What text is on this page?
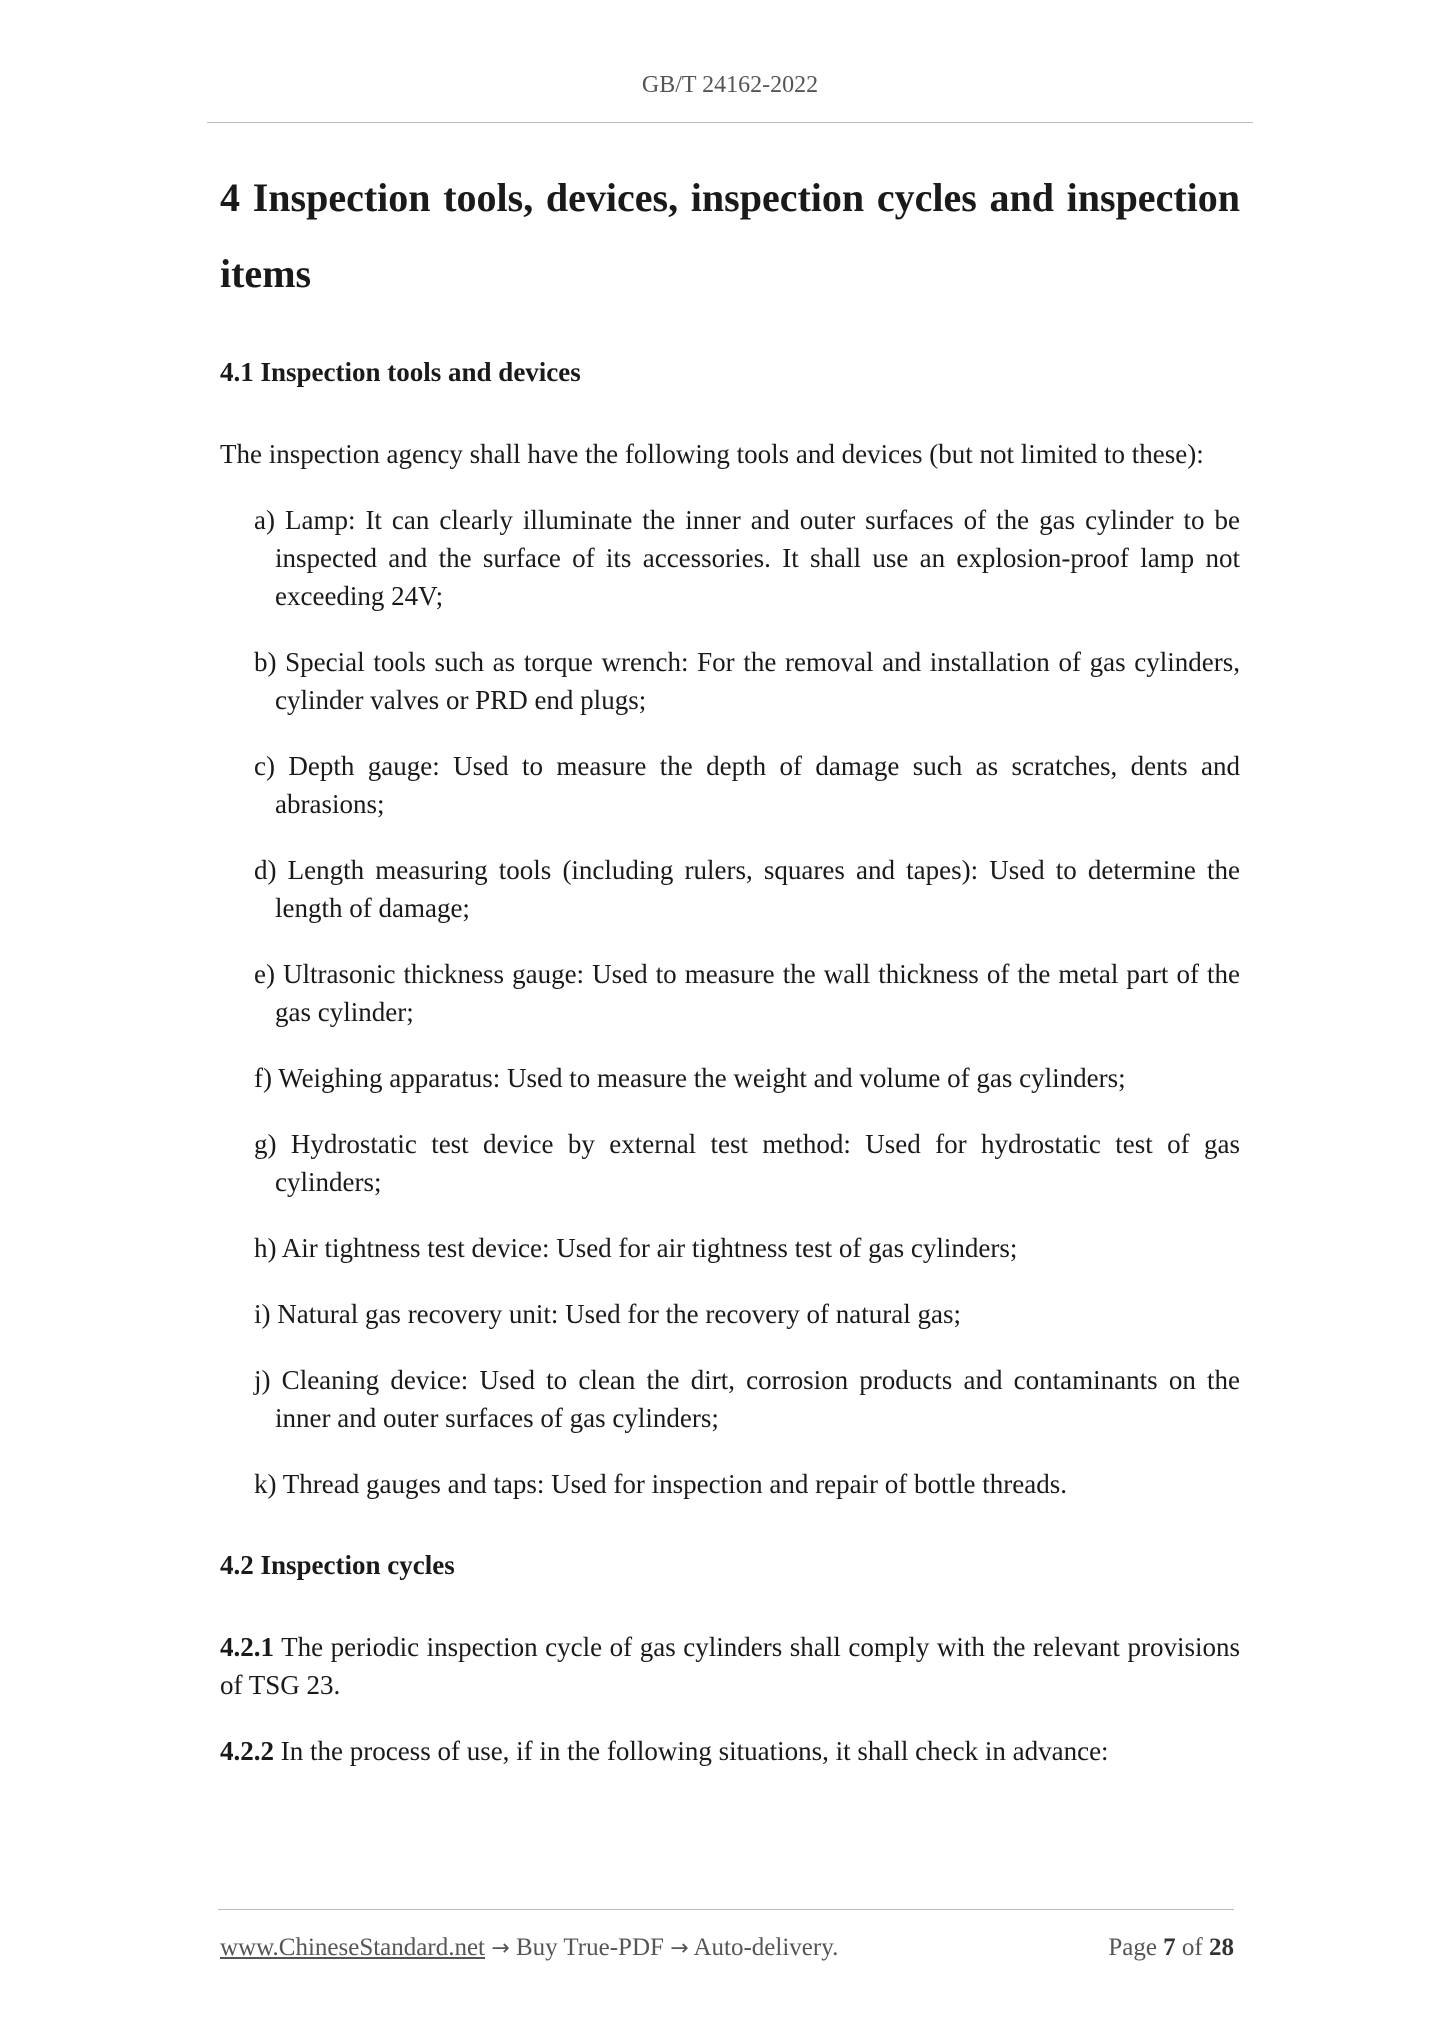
GB/T 24162-2022
4 Inspection tools, devices, inspection cycles and inspection items
4.1 Inspection tools and devices

The inspection agency shall have the following tools and devices (but not limited to these):

a) Lamp: It can clearly illuminate the inner and outer surfaces of the gas cylinder to be inspected and the surface of its accessories. It shall use an explosion-proof lamp not exceeding 24V;
b) Special tools such as torque wrench: For the removal and installation of gas cylinders, cylinder valves or PRD end plugs;
c) Depth gauge: Used to measure the depth of damage such as scratches, dents and abrasions;
d) Length measuring tools (including rulers, squares and tapes): Used to determine the length of damage;
e) Ultrasonic thickness gauge: Used to measure the wall thickness of the metal part of the gas cylinder;
f) Weighing apparatus: Used to measure the weight and volume of gas cylinders;
g) Hydrostatic test device by external test method: Used for hydrostatic test of gas cylinders;
h) Air tightness test device: Used for air tightness test of gas cylinders;
i) Natural gas recovery unit: Used for the recovery of natural gas;
j) Cleaning device: Used to clean the dirt, corrosion products and contaminants on the inner and outer surfaces of gas cylinders;
k) Thread gauges and taps: Used for inspection and repair of bottle threads.
4.2 Inspection cycles

4.2.1 The periodic inspection cycle of gas cylinders shall comply with the relevant provisions of TSG 23.

4.2.2 In the process of use, if in the following situations, it shall check in advance:

www.ChineseStandard.net → Buy True-PDF → Auto-delivery.	Page 7 of 28
